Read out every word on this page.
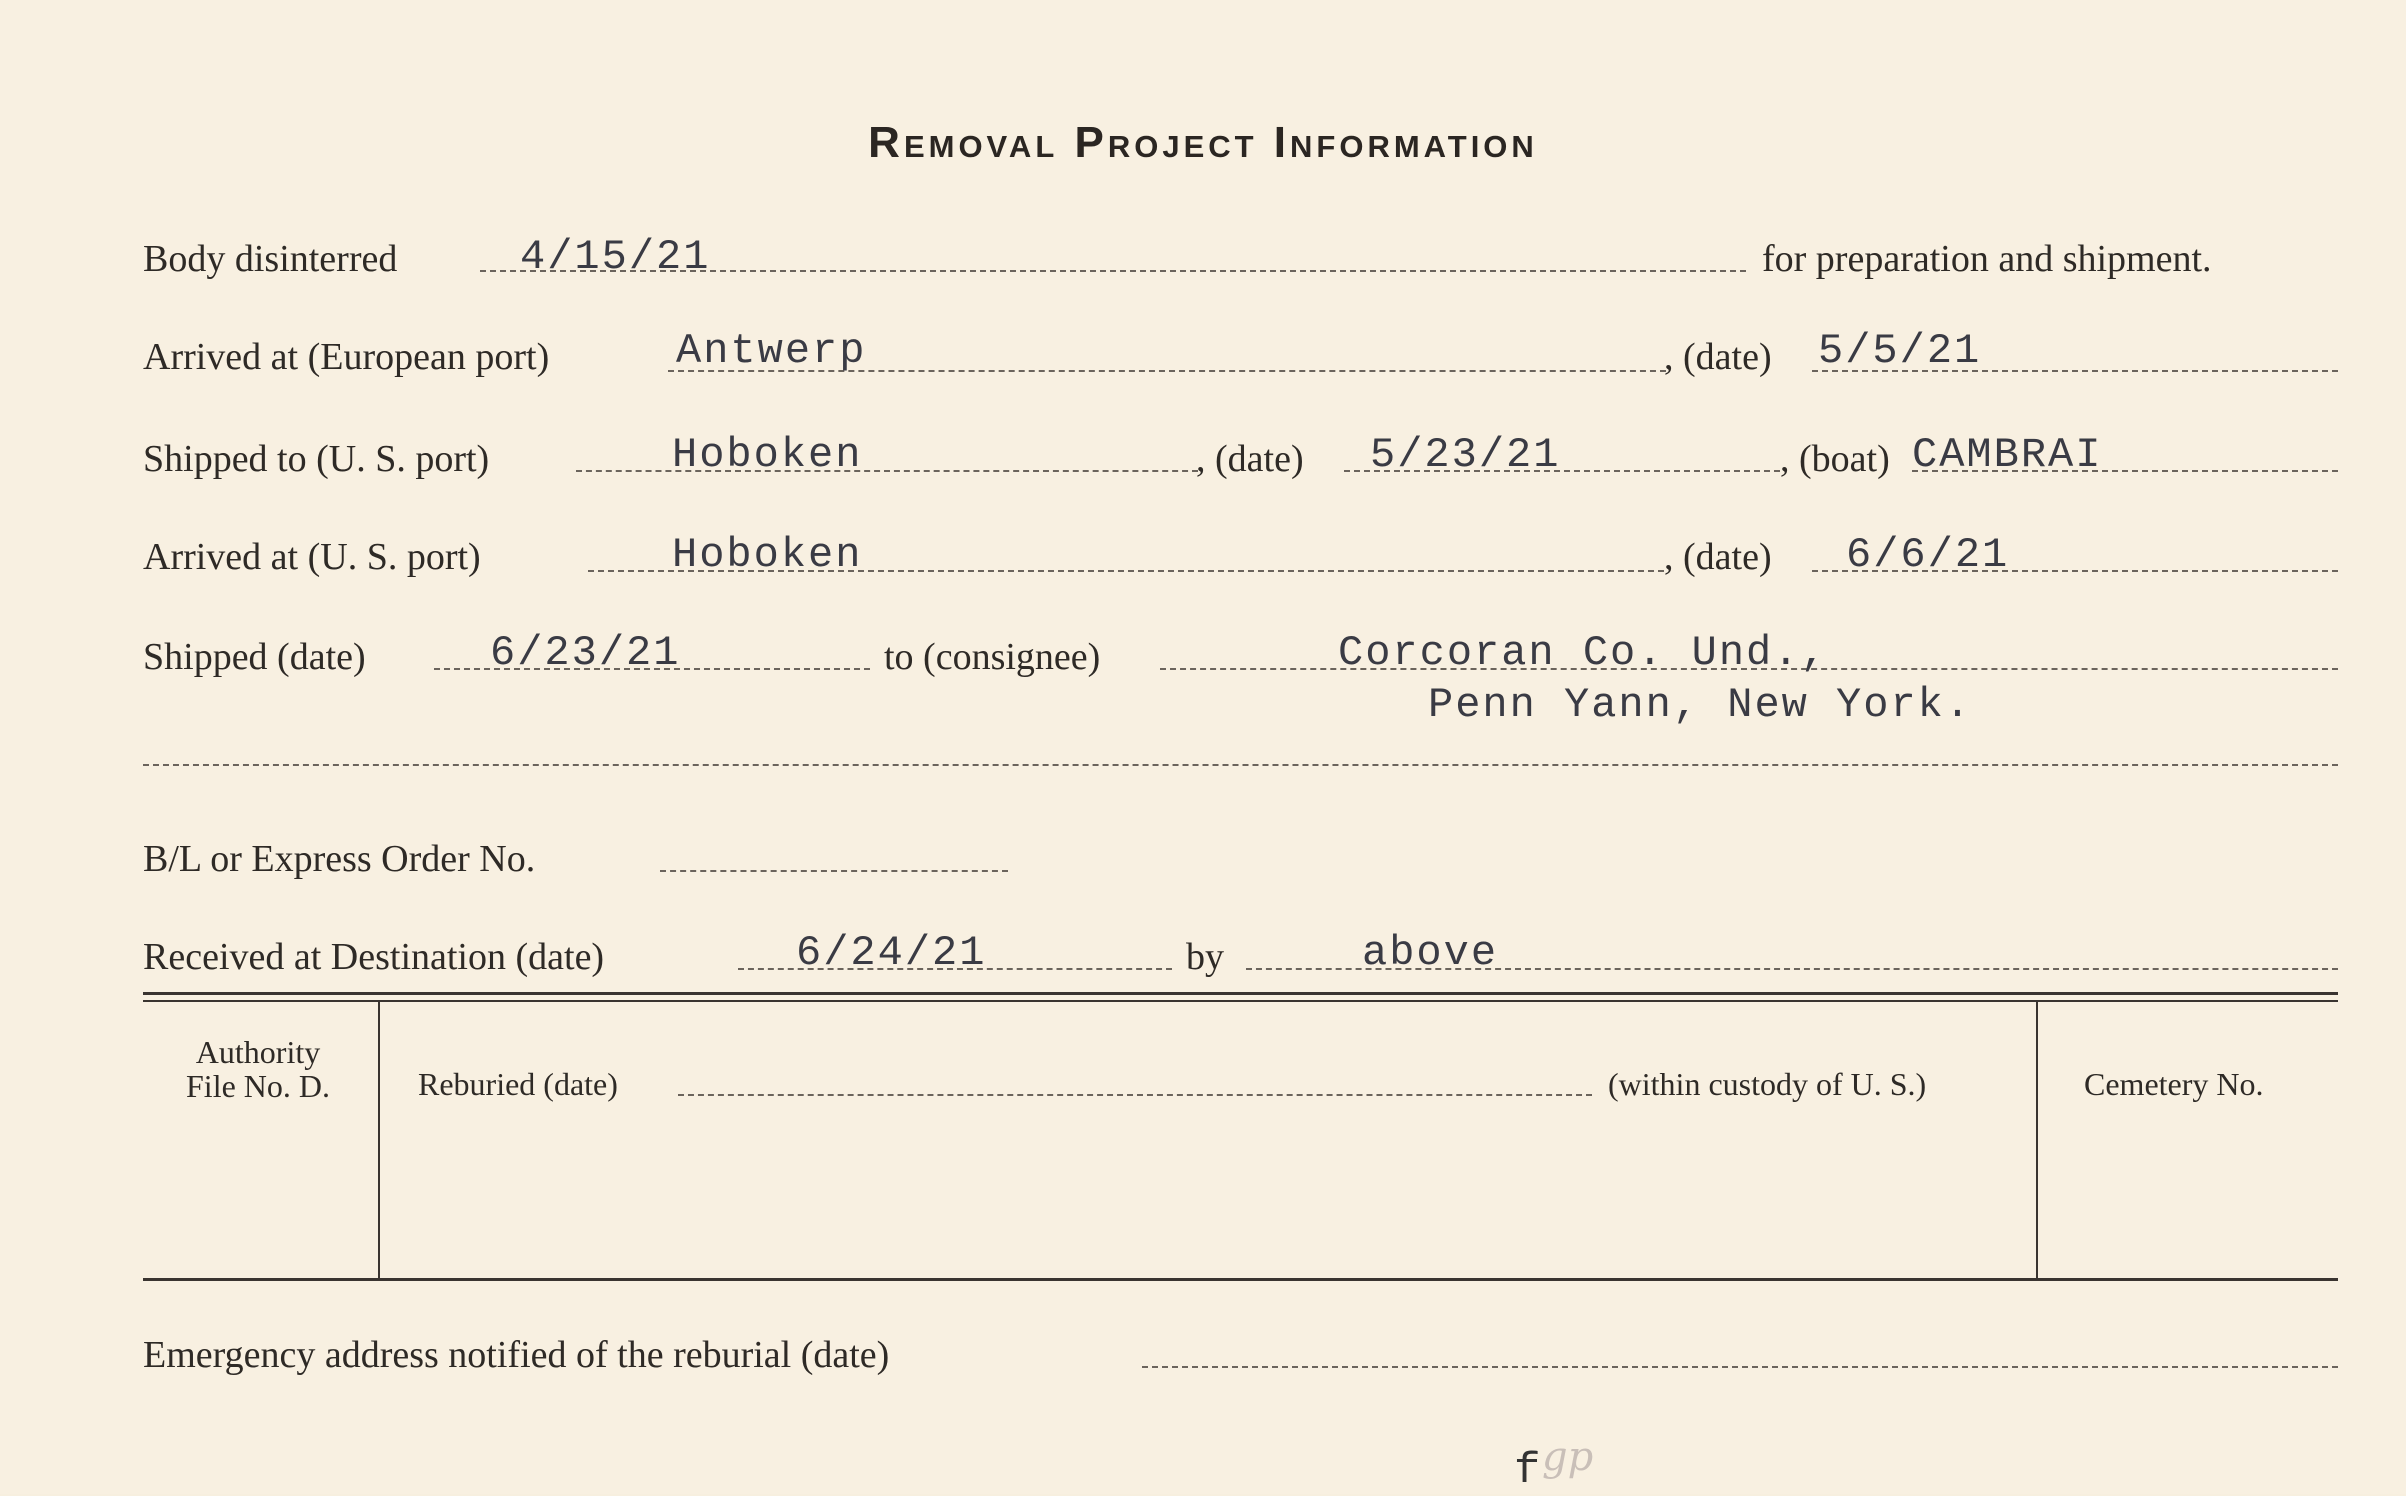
Removal Project Information
Body disinterred	4/15/21	for preparation and shipment.
Arrived at (European port)	Antwerp	, (date) 5/5/21
Shipped to (U. S. port)	Hoboken	, (date) 5/23/21	, (boat) CAMBRAI
Arrived at (U. S. port)	Hoboken	, (date) 6/6/21
Shipped (date)	6/23/21	to (consignee)	Corcoran Co. Und.,
Penn Yann, New York.
B/L or Express Order No.
Received at Destination (date)	6/24/21	by	above
Authority
File No. D.	Reburied (date)	(within custody of U. S.)	Cemetery No.
Emergency address notified of the reburial (date)
f gp
